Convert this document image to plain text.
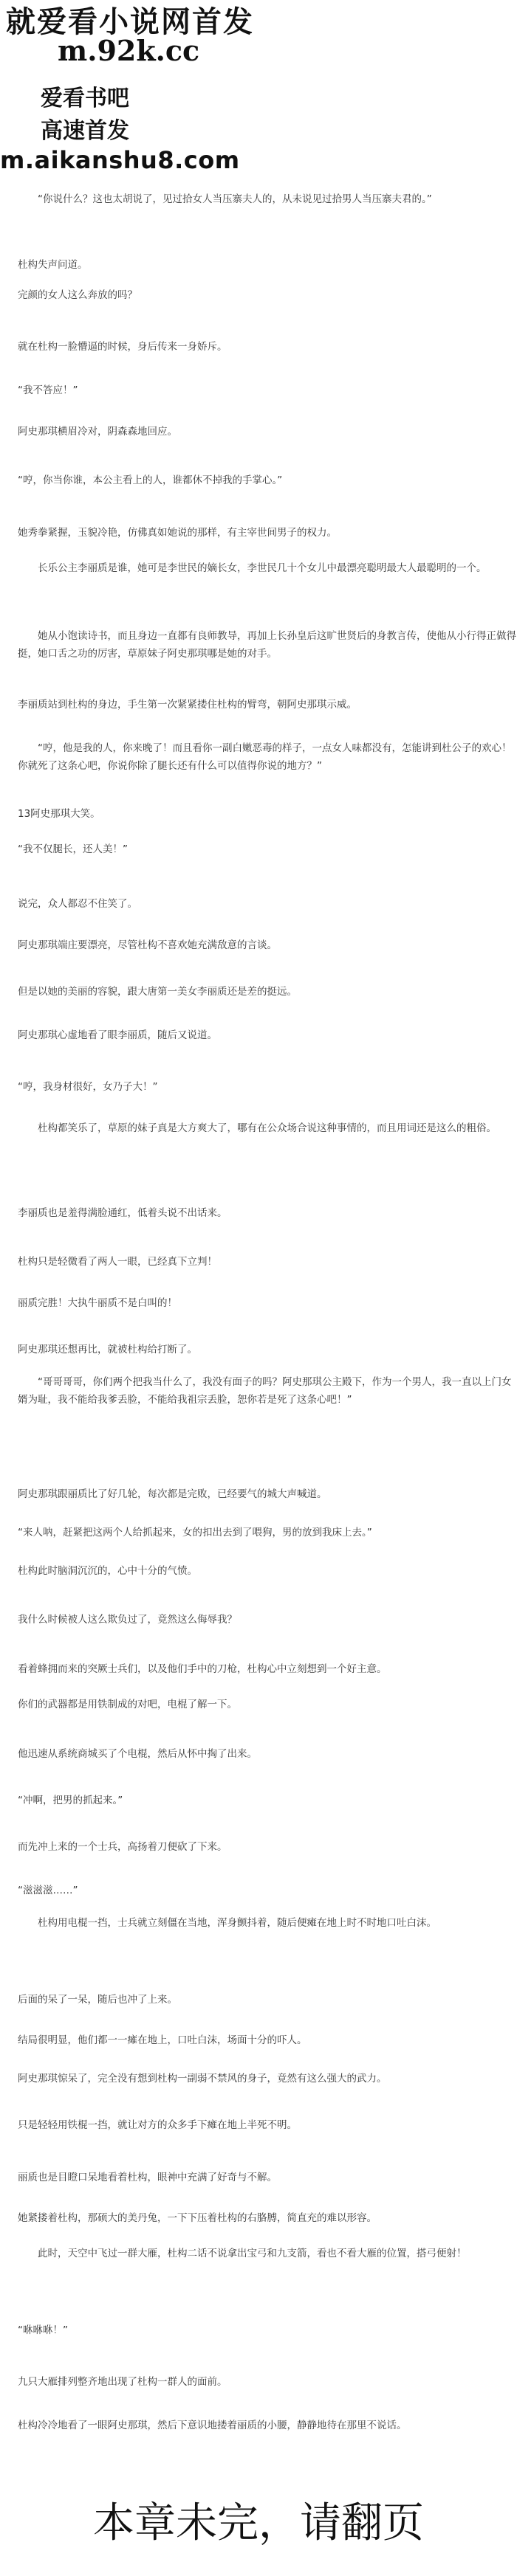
就爱看小说网首发
m.92k.cc
爱看书吧
高速首发
m.aikanshu8.com
“你说什么？这也太胡说了，见过拾女人当压寨夫人的，从未说见过拾男人当压寨夫君的。”
杜构失声问道。
完颜的女人这么奔放的吗？
就在杜构一脸懵逼的时候，身后传来一身娇斥。
“我不答应！”
阿史那琪横眉冷对，阴森森地回应。
“哼，你当你谁，本公主看上的人，谁都休不掉我的手掌心。”
她秀拳紧握，玉貌冷艳，仿佛真如她说的那样，有主宰世间男子的权力。
长乐公主李丽质是谁，她可是李世民的嫡长女，李世民几十个女儿中最漂亮聪明最大人最聪明的一个。
她从小饱读诗书，而且身边一直都有良师教导，再加上长孙皇后这旷世贤后的身教言传，使他从小行得正做得挺，她口舌之功的厉害，草原妹子阿史那琪哪是她的对手。
李丽质站到杜构的身边，手生第一次紧紧搂住杜构的臂弯，朝阿史那琪示威。
“哼，他是我的人，你来晚了！而且看你一副白嫩恶毒的样子，一点女人味都没有，怎能讲到杜公子的欢心！你就死了这条心吧，你说你除了腿长还有什么可以值得你说的地方？”
13阿史那琪大笑。
“我不仅腿长，还人美！”
说完，众人都忍不住笑了。
阿史那琪端庄要漂亮，尽管杜构不喜欢她充满敌意的言谈。
但是以她的美丽的容貌，跟大唐第一美女李丽质还是差的挺远。
阿史那琪心虚地看了眼李丽质，随后又说道。
“哼，我身材很好，女乃子大！”
杜构都笑乐了，草原的妹子真是大方爽大了，哪有在公众场合说这种事情的，而且用词还是这么的粗俗。
李丽质也是羞得满脸通红，低着头说不出话来。
杜构只是轻微看了两人一眼，已经真下立判！
丽质完胜！大执牛丽质不是白叫的！
阿史那琪还想再比，就被杜构给打断了。
“哥哥哥哥，你们两个把我当什么了，我没有面子的吗？阿史那琪公主殿下，作为一个男人，我一直以上门女婿为耻，我不能给我爹丢脸，不能给我祖宗丢脸，恕你若是死了这条心吧！”
阿史那琪跟丽质比了好几轮，每次都是完败，已经要气的城大声喊道。
“来人呐，赶紧把这两个人给抓起来，女的扣出去到了喂狗，男的放到我床上去。”
杜构此时脑洞沉沉的，心中十分的气愤。
我什么时候被人这么欺负过了，竟然这么侮辱我？
看着蜂拥而来的突厥士兵们，以及他们手中的刀枪，杜构心中立刻想到一个好主意。
你们的武器都是用铁制成的对吧，电棍了解一下。
他迅速从系统商城买了个电棍，然后从怀中掏了出来。
“冲啊，把男的抓起来。”
而先冲上来的一个士兵，高扬着刀便砍了下来。
“滋滋滋……”
杜构用电棍一挡，士兵就立刻僵在当地，浑身颤抖着，随后便瘫在地上时不时地口吐白沫。
后面的呆了一呆，随后也冲了上来。
结局很明显，他们都一一瘫在地上，口吐白沫，场面十分的吓人。
阿史那琪惊呆了，完全没有想到杜构一副弱不禁风的身子，竟然有这么强大的武力。
只是轻轻用铁棍一挡，就让对方的众多手下瘫在地上半死不明。
丽质也是目瞪口呆地看着杜构，眼神中充满了好奇与不解。
她紧搂着杜构，那硕大的美丹兔，一下下压着杜构的右胳膊，简直充的难以形容。
此时，天空中飞过一群大雁，杜构二话不说拿出宝弓和九支箭，看也不看大雁的位置，搭弓便射！
“咻咻咻！”
九只大雁排列整齐地出现了杜构一群人的面前。
杜构冷冷地看了一眼阿史那琪，然后下意识地搂着丽质的小腰，静静地待在那里不说话。
本章未完，请翻页
